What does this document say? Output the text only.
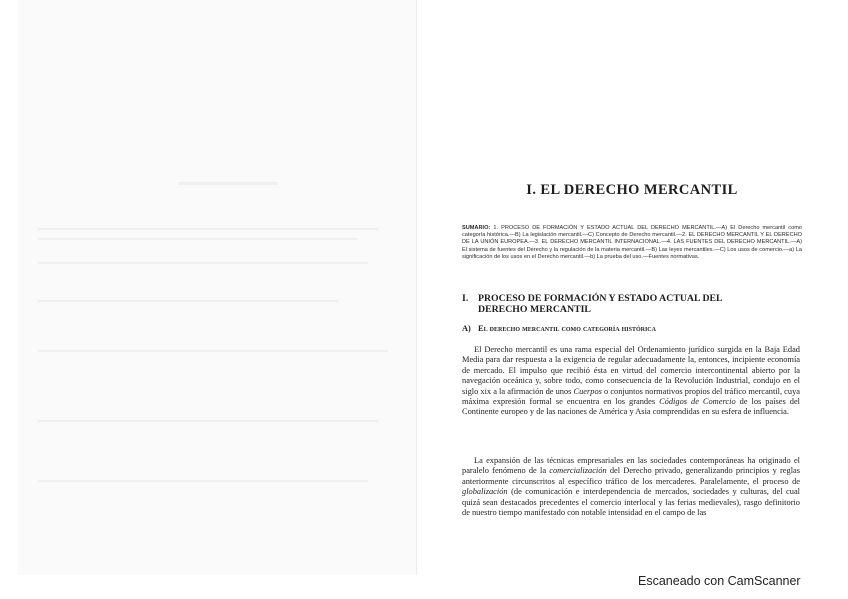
I. EL DERECHO MERCANTIL
SUMARIO: 1. PROCESO DE FORMACIÓN Y ESTADO ACTUAL DEL DERECHO MERCANTIL.—A) El Derecho mercantil como categoría histórica.—B) La legislación mercantil.—C) Concepto de Derecho mercantil.—2. EL DERECHO MERCANTIL Y EL DERECHO DE LA UNIÓN EUROPEA.—3. EL DERECHO MERCANTIL INTERNACIONAL.—4. LAS FUENTES DEL DERECHO MERCANTIL.—A) El sistema de fuentes del Derecho y la regulación de la materia mercantil.—B) Las leyes mercantiles.—C) Los usos de comercio.—a) La significación de los usos en el Derecho mercantil.—b) La prueba del uso.—Fuentes normativas.
I. PROCESO DE FORMACIÓN Y ESTADO ACTUAL DEL DERECHO MERCANTIL
A) El derecho mercantil como categoría histórica

El Derecho mercantil es una rama especial del Ordenamiento jurídico surgida en la Baja Edad Media para dar respuesta a la exigencia de regular adecuadamente la, entonces, incipiente economía de mercado. El impulso que recibió ésta en virtud del comercio intercontinental abierto por la navegación oceánica y, sobre todo, como consecuencia de la Revolución Industrial, condujo en el siglo xix a la afirmación de unos Cuerpos o conjuntos normativos propios del tráfico mercantil, cuya máxima expresión formal se encuentra en los grandes Códigos de Comercio de los países del Continente europeo y de las naciones de América y Asia comprendidas en su esfera de influencia.

La expansión de las técnicas empresariales en las sociedades contemporáneas ha originado el paralelo fenómeno de la comercialización del Derecho privado, generalizando principios y reglas anteriormente circunscritos al específico tráfico de los mercaderes. Paralelamente, el proceso de globalización (de comunicación e interdependencia de mercados, sociedades y culturas, del cual quizá sean destacados precedentes el comercio interlocal y las ferias medievales), rasgo definitorio de nuestro tiempo manifestado con notable intensidad en el campo de las

Escaneado con CamScanner
